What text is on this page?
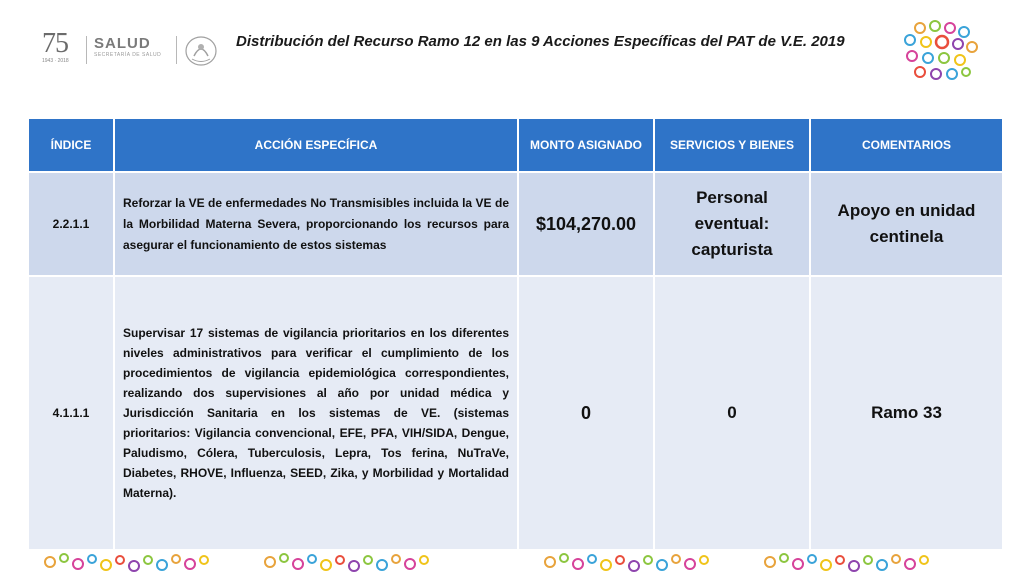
75
1943 · 2018
SALUD
SECRETARÍA DE SALUD
Distribución del Recurso Ramo 12 en las 9 Acciones Específicas del PAT de V.E. 2019
ÍNDICE	ACCIÓN ESPECÍFICA	MONTO ASIGNADO	SERVICIOS Y BIENES	COMENTARIOS
2.2.1.1	Reforzar la VE de enfermedades No Transmisibles incluida la VE de la Morbilidad Materna Severa, proporcionando los recursos para asegurar el funcionamiento de estos sistemas	$104,270.00	Personal eventual: capturista	Apoyo en unidad centinela
4.1.1.1	Supervisar 17 sistemas de vigilancia prioritarios en los diferentes niveles administrativos para verificar el cumplimiento de los procedimientos de vigilancia epidemiológica correspondientes, realizando dos supervisiones al año por unidad médica y Jurisdicción Sanitaria en los sistemas de VE. (sistemas prioritarios: Vigilancia convencional, EFE, PFA, VIH/SIDA, Dengue, Paludismo, Cólera, Tuberculosis, Lepra, Tos ferina, NuTraVe, Diabetes, RHOVE, Influenza, SEED, Zika, y Morbilidad y Mortalidad Materna).	0	0	Ramo 33
